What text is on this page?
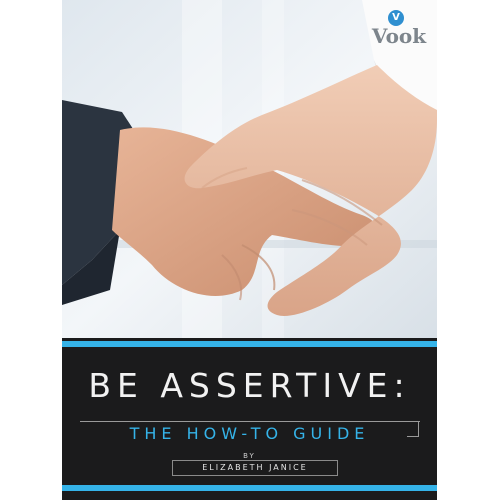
V
Vook
BE ASSERTIVE:
THE HOW-TO GUIDE
BY
ELIZABETH JANICE
